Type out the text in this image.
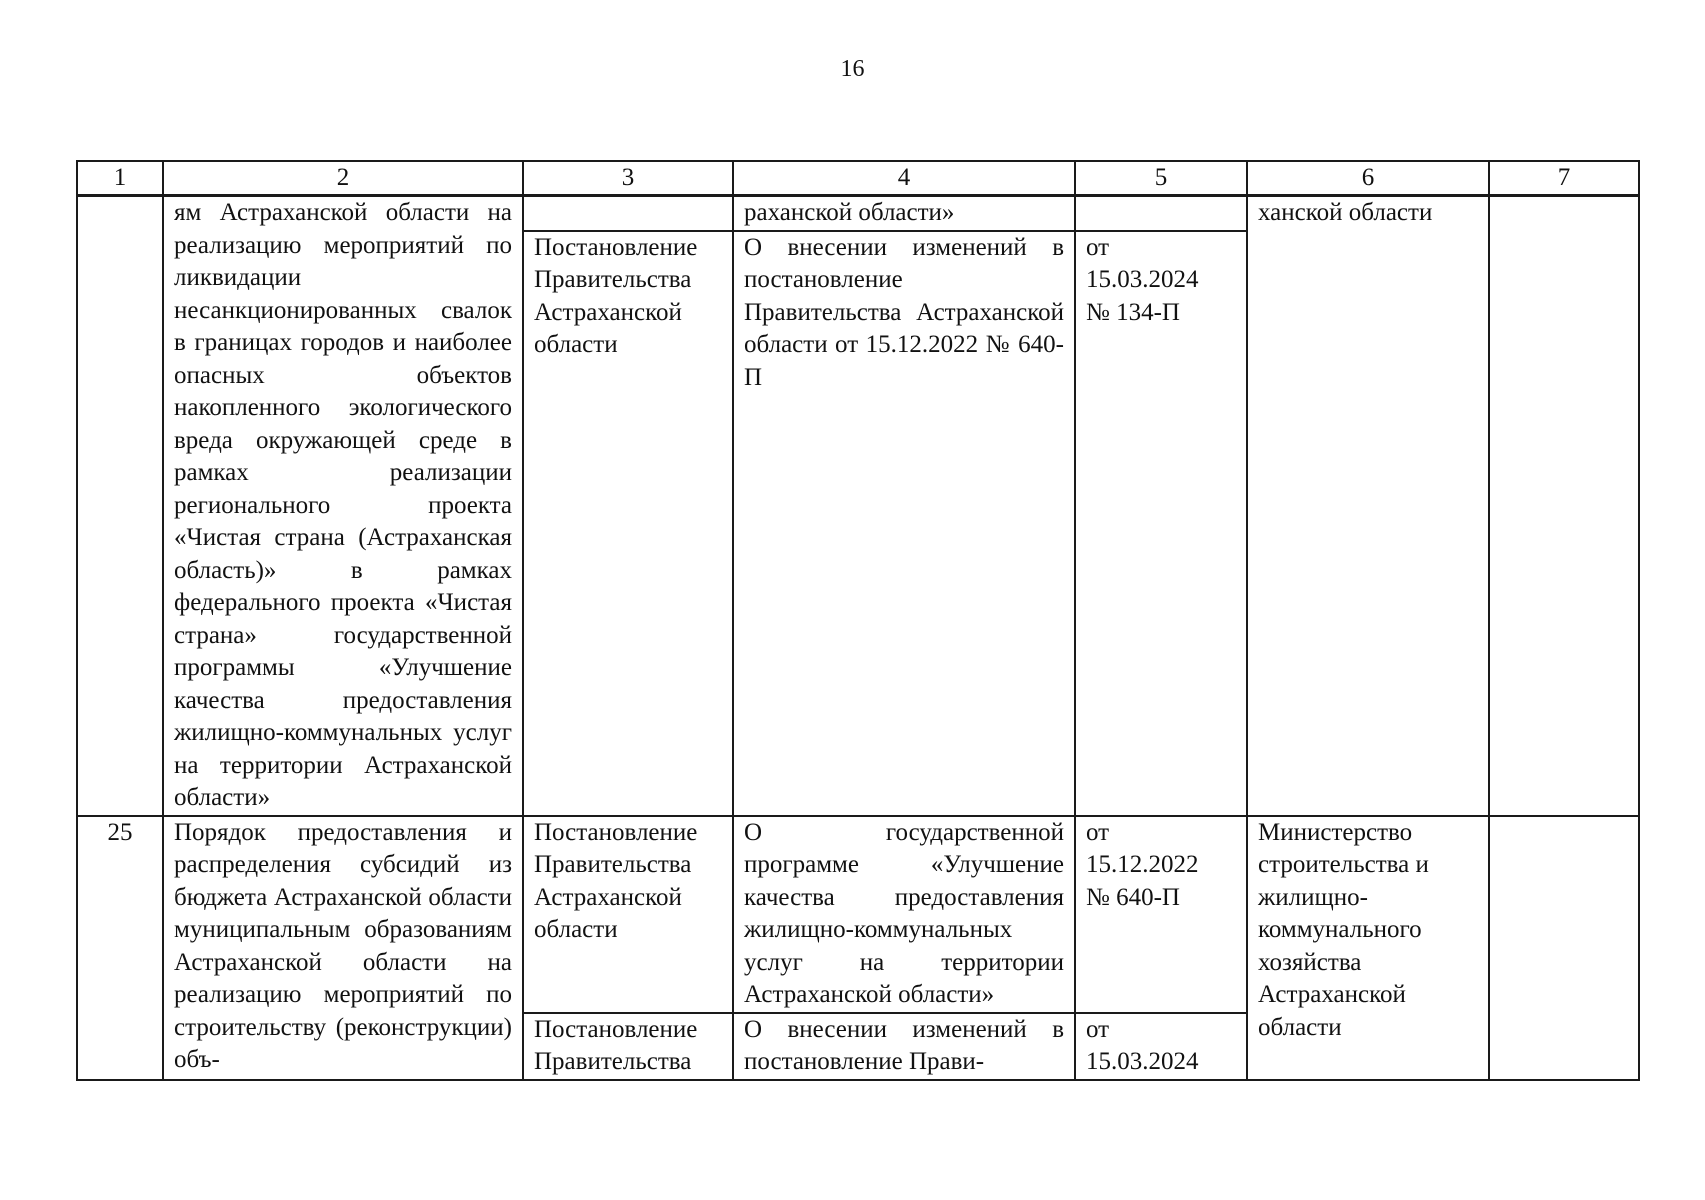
16
1	2	3	4	5	6	7
	ям Астраханской области на реализацию мероприятий по ликвидации несанкционированных свалок в границах городов и наиболее опасных объектов накопленного экологического вреда окружающей среде в рамках реализации регионального проекта «Чистая страна (Астраханская область)» в рамках федерального проекта «Чистая страна» государственной программы «Улучшение качества предоставления жилищно-коммунальных услуг на территории Астраханской области»		раханской области»		ханской области	
		Постановление Правительства Астраханской области	О внесении изменений в постановление Правительства Астраханской области от 15.12.2022 № 640-П	от
15.03.2024
№ 134-П		

25	Порядок предоставления и распределения субсидий из бюджета Астраханской области муниципальным образованиям Астраханской области на реализацию мероприятий по строительству (реконструкции) объ-	Постановление Правительства Астраханской области	О государственной программе «Улучшение качества предоставления жилищно-коммунальных услуг на территории Астраханской области»	от
15.12.2022
№ 640-П	Министерство строительства и жилищно-коммунального хозяйства Астраханской области	
		Постановление Правительства	О внесении изменений в постановление Прави-	от
15.03.2024		
